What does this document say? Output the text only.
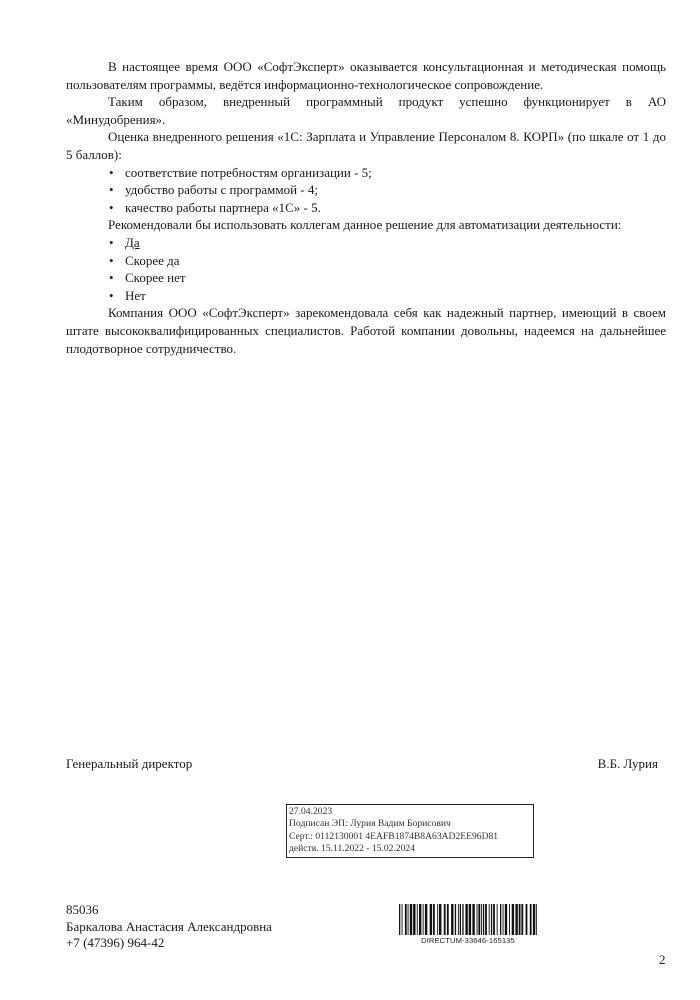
В настоящее время ООО «СофтЭксперт» оказывается консультационная и методическая помощь пользователям программы, ведётся информационно-технологическое сопровождение.

Таким образом, внедренный программный продукт успешно функционирует в АО «Минудобрения».

Оценка внедренного решения «1С: Зарплата и Управление Персоналом 8. КОРП» (по шкале от 1 до 5 баллов):

• соответствие потребностям организации - 5;
• удобство работы с программой - 4;
• качество работы партнера «1С» - 5.

Рекомендовали бы использовать коллегам данное решение для автоматизации деятельности:

• Да
• Скорее да
• Скорее нет
• Нет

Компания ООО «СофтЭксперт» зарекомендовала себя как надежный партнер, имеющий в своем штате высококвалифицированных специалистов. Работой компании довольны, надеемся на дальнейшее плодотворное сотрудничество.

Генеральный директор	В.Б. Лурия
27.04.2023
Подписан ЭП: Лурия Вадим Борисович
Серт.: 0112130001 4EAFB1874B8A63AD2EE96D81
действ. 15.11.2022 - 15.02.2024
85036
Баркалова Анастасия Александровна
+7 (47396) 964-42	DIRECTUM-33646-165135
2
